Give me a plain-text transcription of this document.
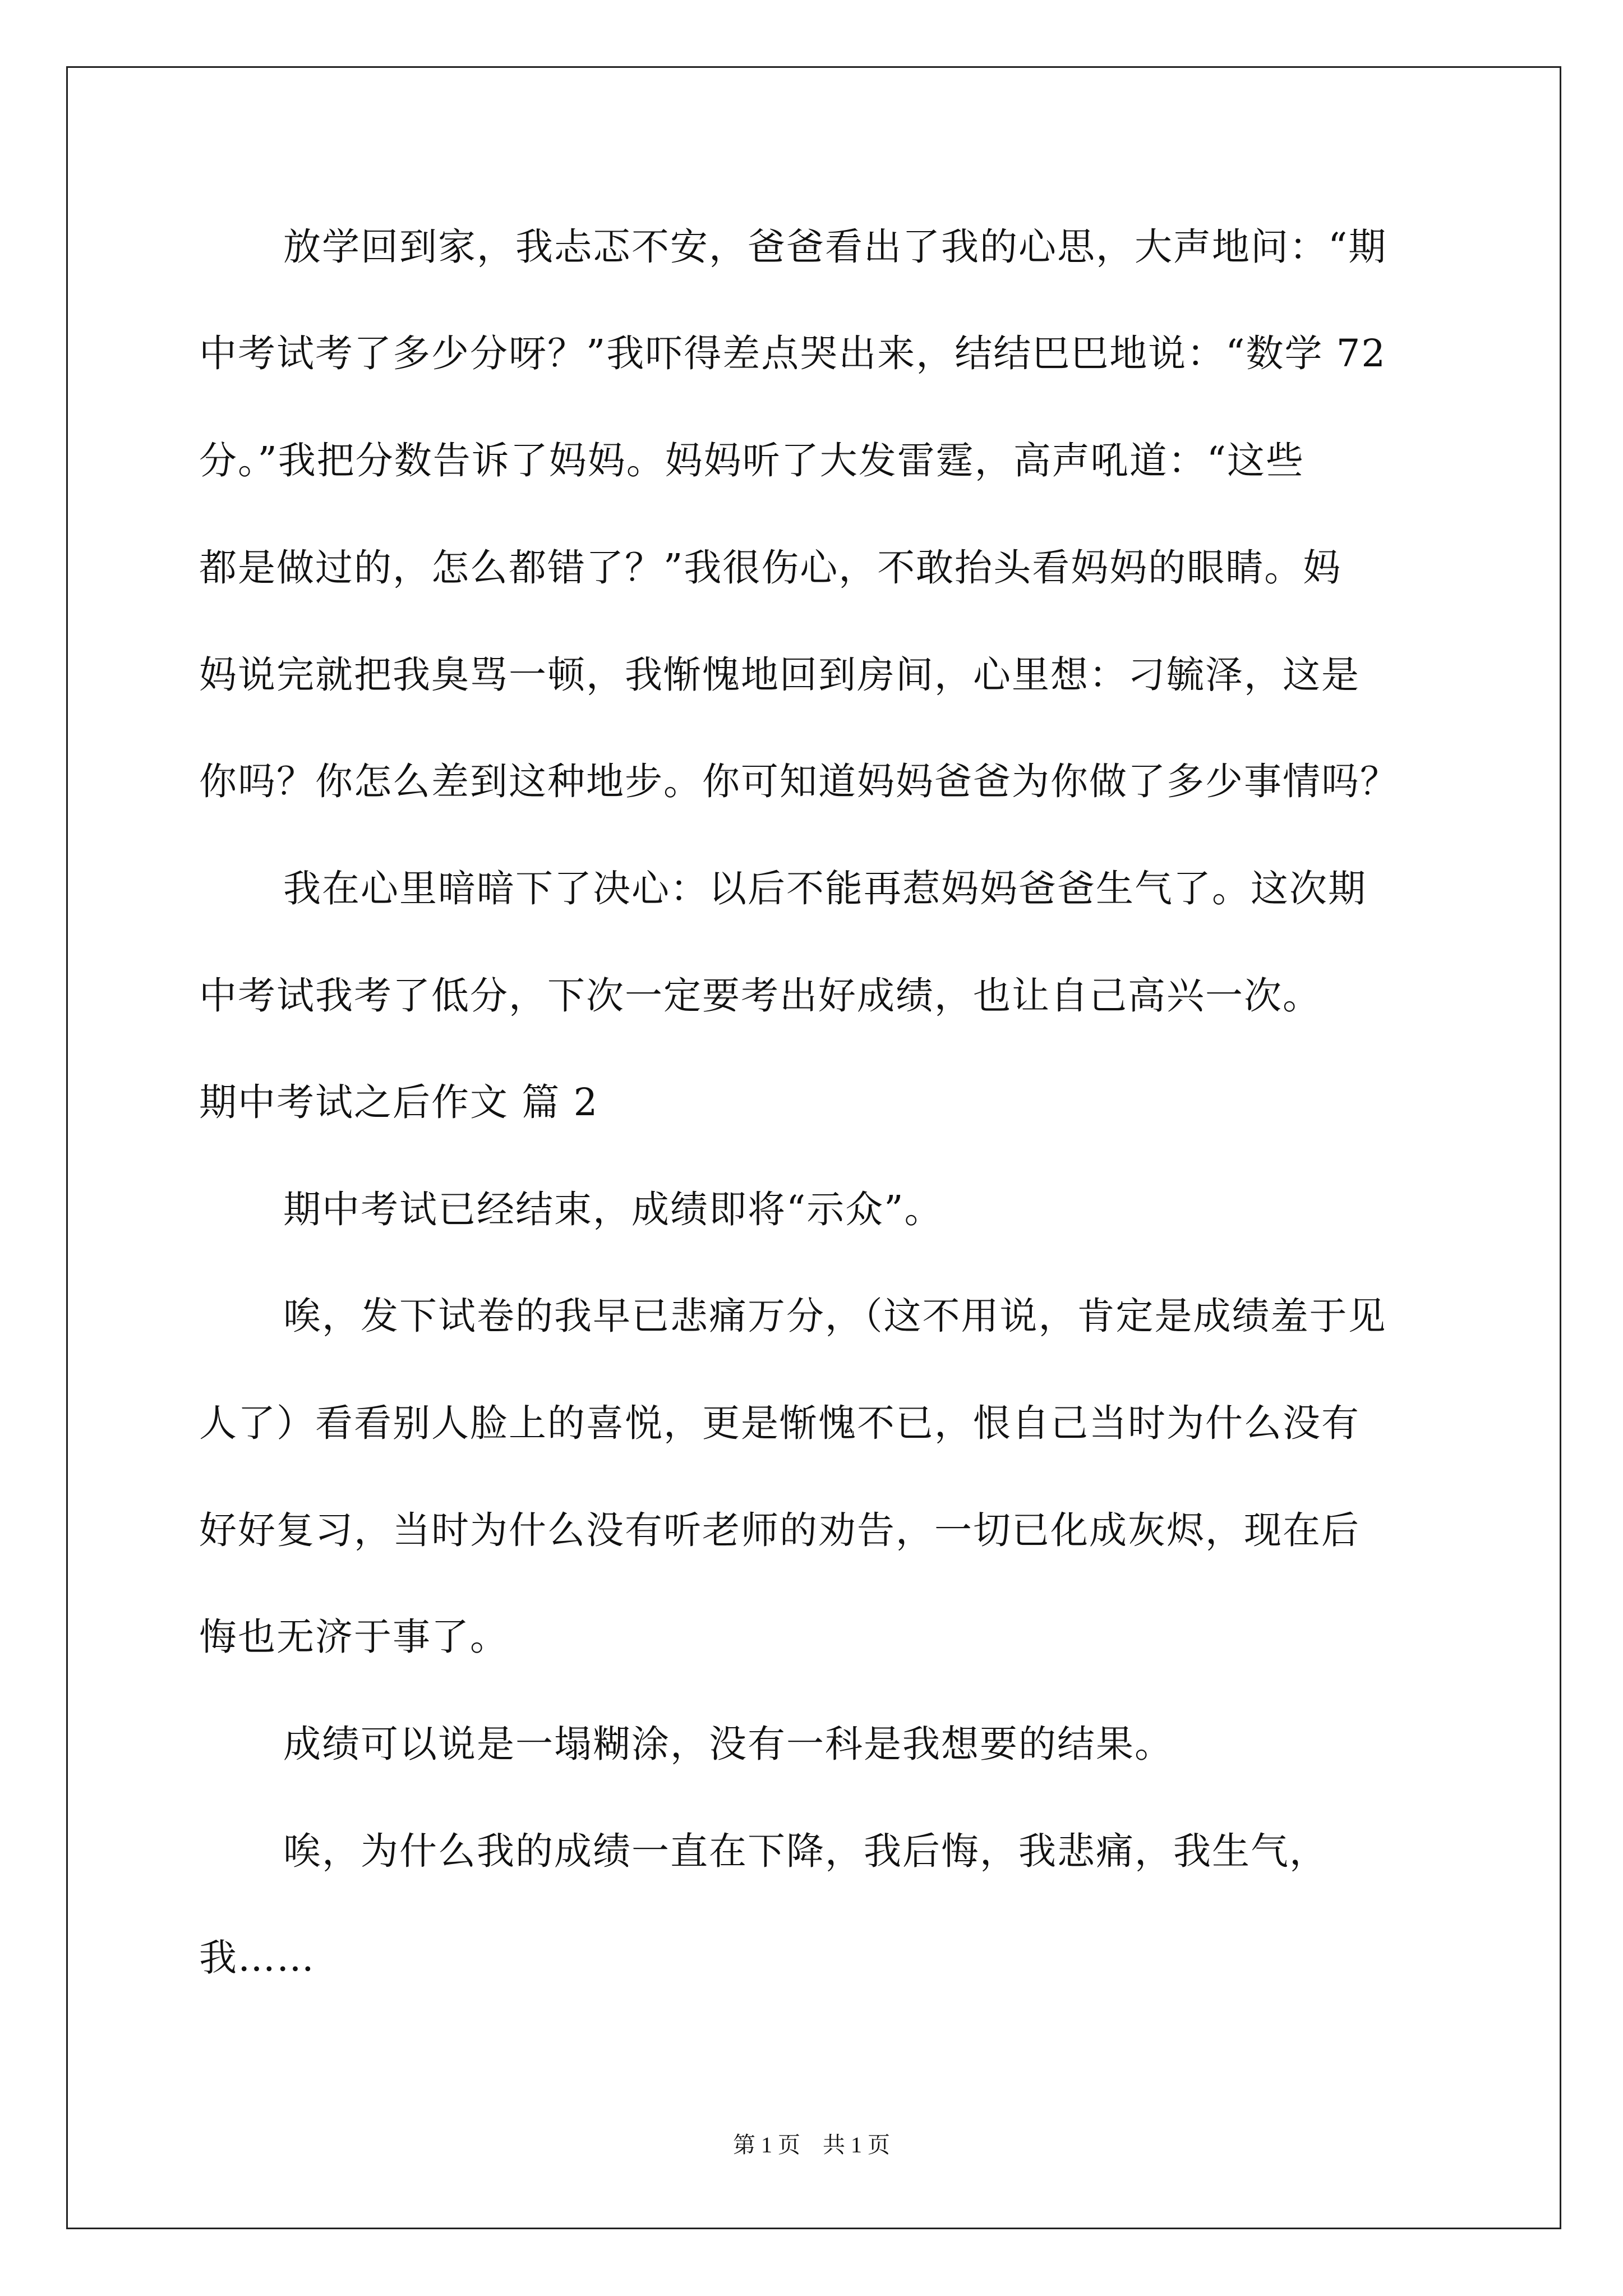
放学回到家，我忐忑不安，爸爸看出了我的心思，大声地问：“期
中考试考了多少分呀？”我吓得差点哭出来，结结巴巴地说：“数学 72
分。”我把分数告诉了妈妈。妈妈听了大发雷霆，高声吼道：“这些
都是做过的，怎么都错了？”我很伤心，不敢抬头看妈妈的眼睛。妈
妈说完就把我臭骂一顿，我惭愧地回到房间，心里想：刁毓泽，这是
你吗？你怎么差到这种地步。你可知道妈妈爸爸为你做了多少事情吗？
我在心里暗暗下了决心：以后不能再惹妈妈爸爸生气了。这次期
中考试我考了低分，下次一定要考出好成绩，也让自己高兴一次。
期中考试之后作文 篇 2
期中考试已经结束，成绩即将“示众”。
唉，发下试卷的我早已悲痛万分，（这不用说，肯定是成绩羞于见
人了）看看别人脸上的喜悦，更是惭愧不已，恨自己当时为什么没有
好好复习，当时为什么没有听老师的劝告，一切已化成灰烬，现在后
悔也无济于事了。
成绩可以说是一塌糊涂，没有一科是我想要的结果。
唉，为什么我的成绩一直在下降，我后悔，我悲痛，我生气，
我……
第 1 页　共 1 页
